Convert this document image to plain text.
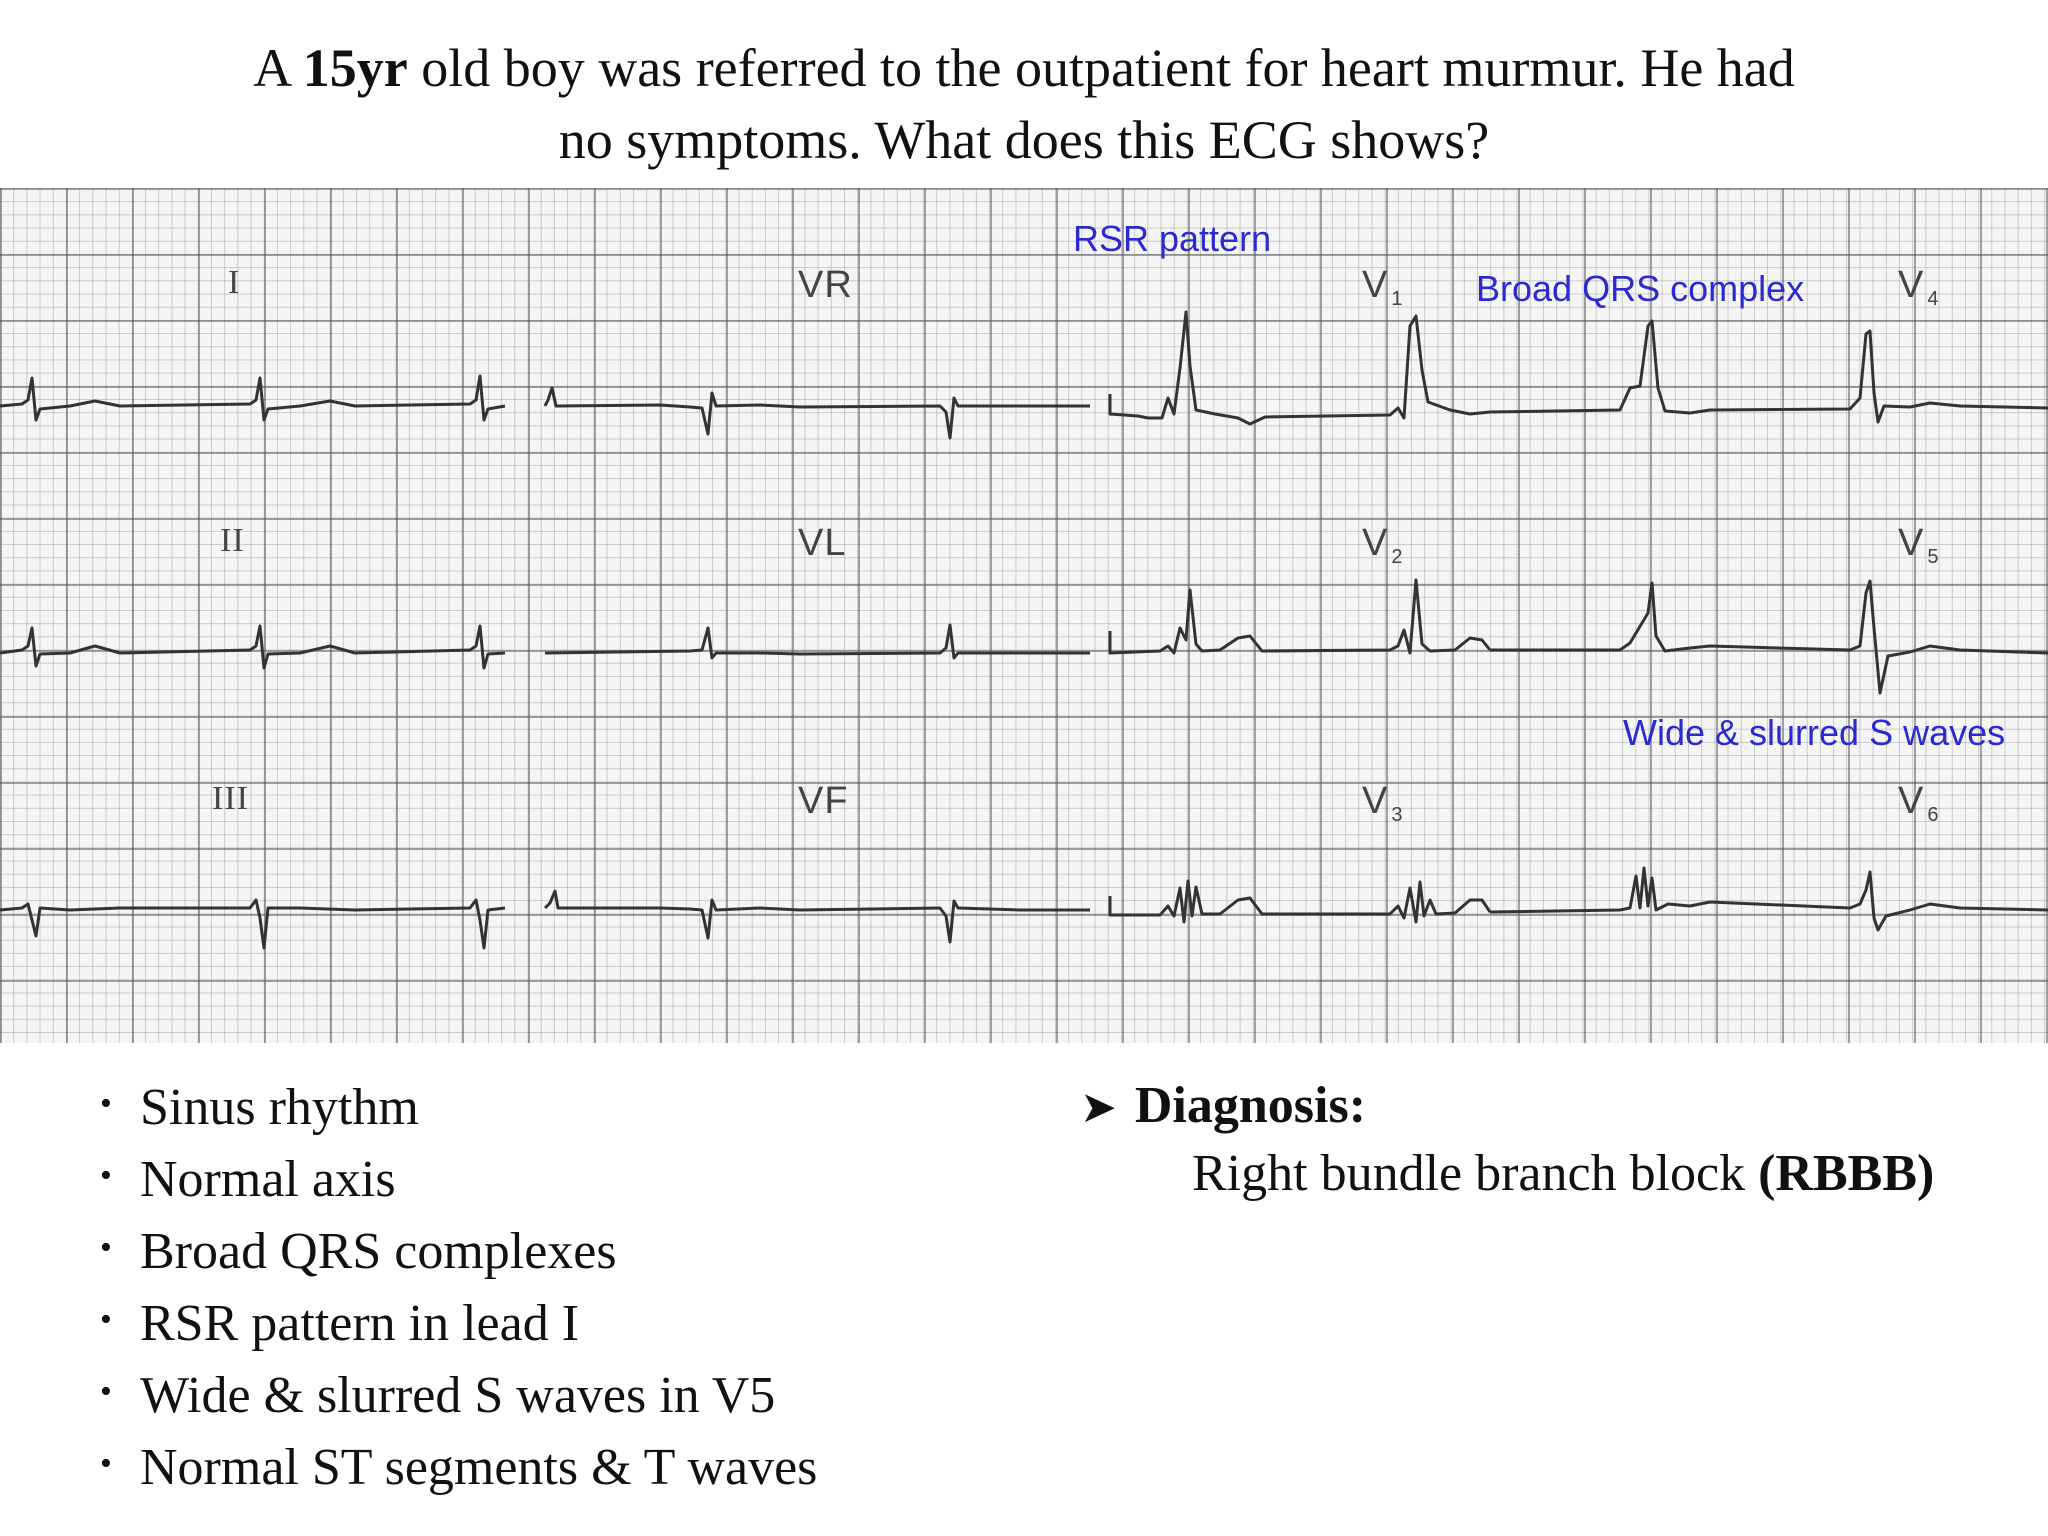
A 15yr old boy was referred to the outpatient for heart murmur. He had
no symptoms. What does this ECG shows?
I	VR	V $_1$	V $_4$
II	VL	V $_2$	V $_5$
III	VF	V $_3$	V $_6$
RSR pattern
Broad QRS complex
Wide & slurred S waves
• Sinus rhythm
• Normal axis
• Broad QRS complexes
• RSR pattern in lead I
• Wide & slurred S waves in V5
• Normal ST segments & T waves
➤ Diagnosis:
Right bundle branch block (RBBB)
